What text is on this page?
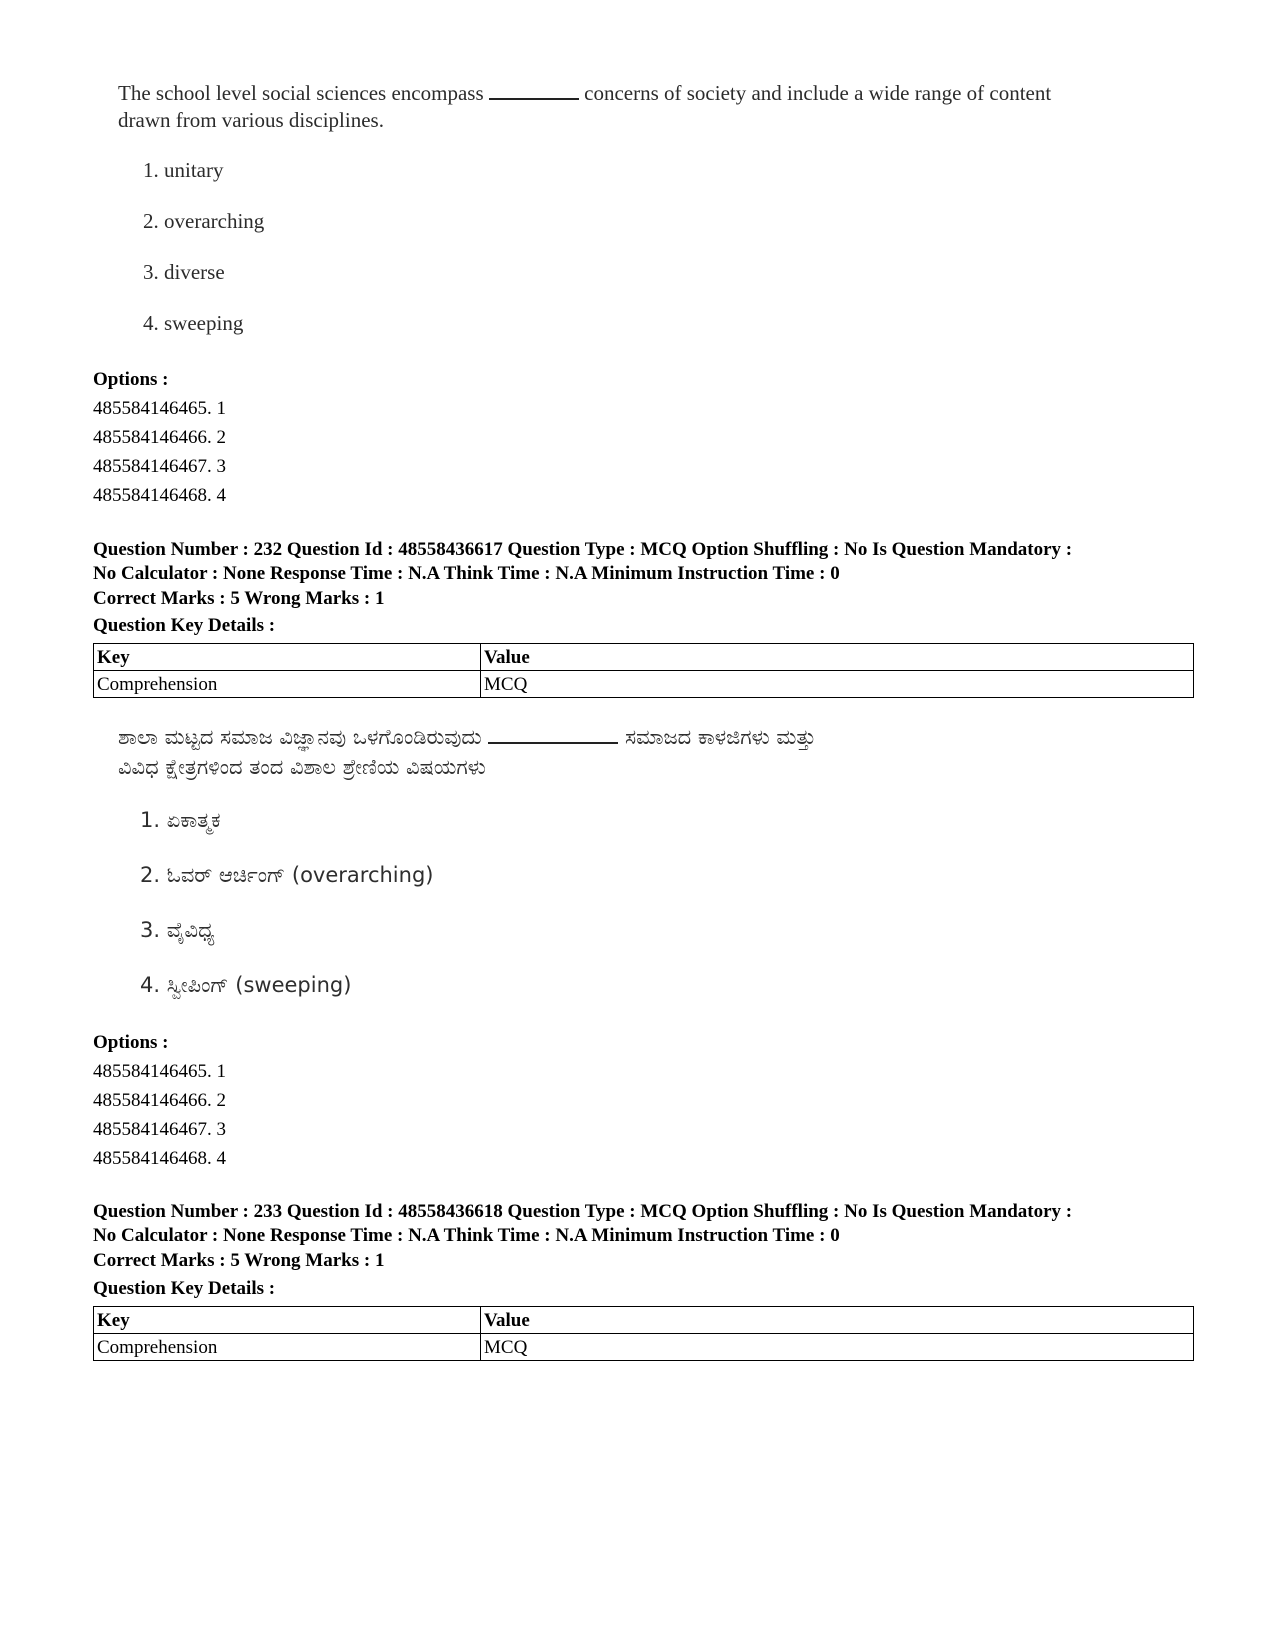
The school level social sciences encompass	concerns of society and include a wide range of content
drawn from various disciplines.
1. unitary
2. overarching
3. diverse
4. sweeping
Options :
485584146465. 1
485584146466. 2
485584146467. 3
485584146468. 4
Question Number : 232 Question Id : 48558436617 Question Type : MCQ Option Shuffling : No Is Question Mandatory :
No Calculator : None Response Time : N.A Think Time : N.A Minimum Instruction Time : 0
Correct Marks : 5 Wrong Marks : 1
Question Key Details :
Key	Value
Comprehension	MCQ
ಶಾಲಾ ಮಟ್ಟದ ಸಮಾಜ ವಿಜ್ಞಾನವು ಒಳಗೊಂಡಿರುವುದು	ಸಮಾಜದ ಕಾಳಜಿಗಳು ಮತ್ತು
ವಿವಿಧ ಕ್ಷೇತ್ರಗಳಿಂದ ತಂದ ವಿಶಾಲ ಶ್ರೇಣಿಯ ವಿಷಯಗಳು
1. ಏಕಾತ್ಮಕ
2. ಓವರ್ ಆರ್ಚಿಂಗ್ (overarching)
3. ವೈವಿಧ್ಯ
4. ಸ್ವೀಪಿಂಗ್ (sweeping)
Options :
485584146465. 1
485584146466. 2
485584146467. 3
485584146468. 4
Question Number : 233 Question Id : 48558436618 Question Type : MCQ Option Shuffling : No Is Question Mandatory :
No Calculator : None Response Time : N.A Think Time : N.A Minimum Instruction Time : 0
Correct Marks : 5 Wrong Marks : 1
Question Key Details :
Key	Value
Comprehension	MCQ
